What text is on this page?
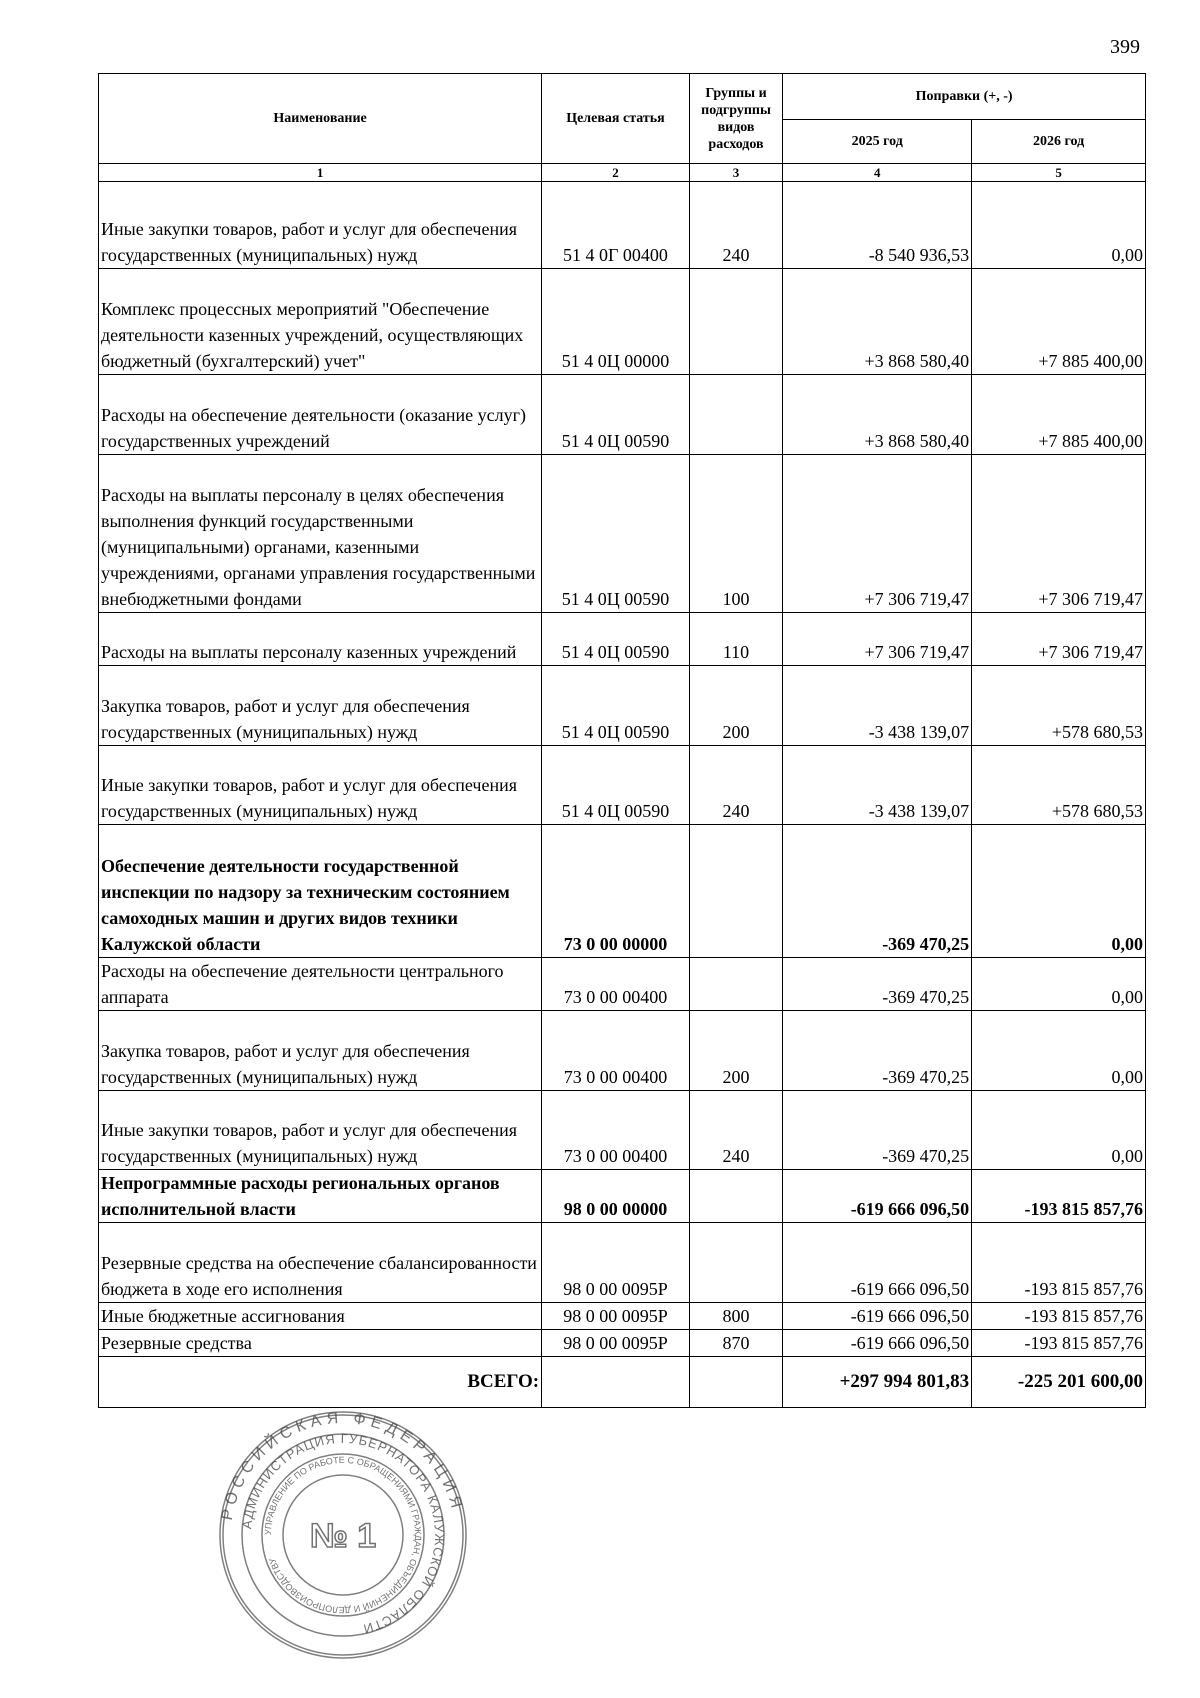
399
Наименование	Целевая статья	Группы и подгруппы видов расходов	Поправки (+, -)	
			2025 год	2026 год
1	2	3	4	5
Иные закупки товаров, работ и услуг для обеспечения государственных (муниципальных) нужд	51 4 0Г 00400	240	-8 540 936,53	0,00
Комплекс процессных мероприятий "Обеспечение деятельности казенных учреждений, осуществляющих бюджетный (бухгалтерский) учет"	51 4 0Ц 00000		+3 868 580,40	+7 885 400,00
Расходы на обеспечение деятельности (оказание услуг) государственных учреждений	51 4 0Ц 00590		+3 868 580,40	+7 885 400,00
Расходы на выплаты персоналу в целях обеспечения выполнения функций государственными (муниципальными) органами, казенными учреждениями, органами управления государственными внебюджетными фондами	51 4 0Ц 00590	100	+7 306 719,47	+7 306 719,47
Расходы на выплаты персоналу казенных учреждений	51 4 0Ц 00590	110	+7 306 719,47	+7 306 719,47
Закупка товаров, работ и услуг для обеспечения государственных (муниципальных) нужд	51 4 0Ц 00590	200	-3 438 139,07	+578 680,53
Иные закупки товаров, работ и услуг для обеспечения государственных (муниципальных) нужд	51 4 0Ц 00590	240	-3 438 139,07	+578 680,53
Обеспечение деятельности государственной инспекции по надзору за техническим состоянием самоходных машин и других видов техники Калужской области	73 0 00 00000		-369 470,25	0,00
Расходы на обеспечение деятельности центрального аппарата	73 0 00 00400		-369 470,25	0,00
Закупка товаров, работ и услуг для обеспечения государственных (муниципальных) нужд	73 0 00 00400	200	-369 470,25	0,00
Иные закупки товаров, работ и услуг для обеспечения государственных (муниципальных) нужд	73 0 00 00400	240	-369 470,25	0,00
Непрограммные расходы региональных органов исполнительной власти	98 0 00 00000		-619 666 096,50	-193 815 857,76
Резервные средства на обеспечение сбалансированности бюджета в ходе его исполнения	98 0 00 0095Р		-619 666 096,50	-193 815 857,76
Иные бюджетные ассигнования	98 0 00 0095Р	800	-619 666 096,50	-193 815 857,76
Резервные средства	98 0 00 0095Р	870	-619 666 096,50	-193 815 857,76
ВСЕГО:			+297 994 801,83	-225 201 600,00
РОССИЙСКАЯ ФЕДЕРАЦИЯ
АДМИНИСТРАЦИЯ ГУБЕРНАТОРА КАЛУЖСКОЙ ОБЛАСТИ
УПРАВЛЕНИЕ ПО РАБОТЕ С ОБРАЩЕНИЯМИ ГРАЖДАН, ОБЪЕДИНЕНИЙ И ДЕЛОПРОИЗВОДСТВУ
№ 1
